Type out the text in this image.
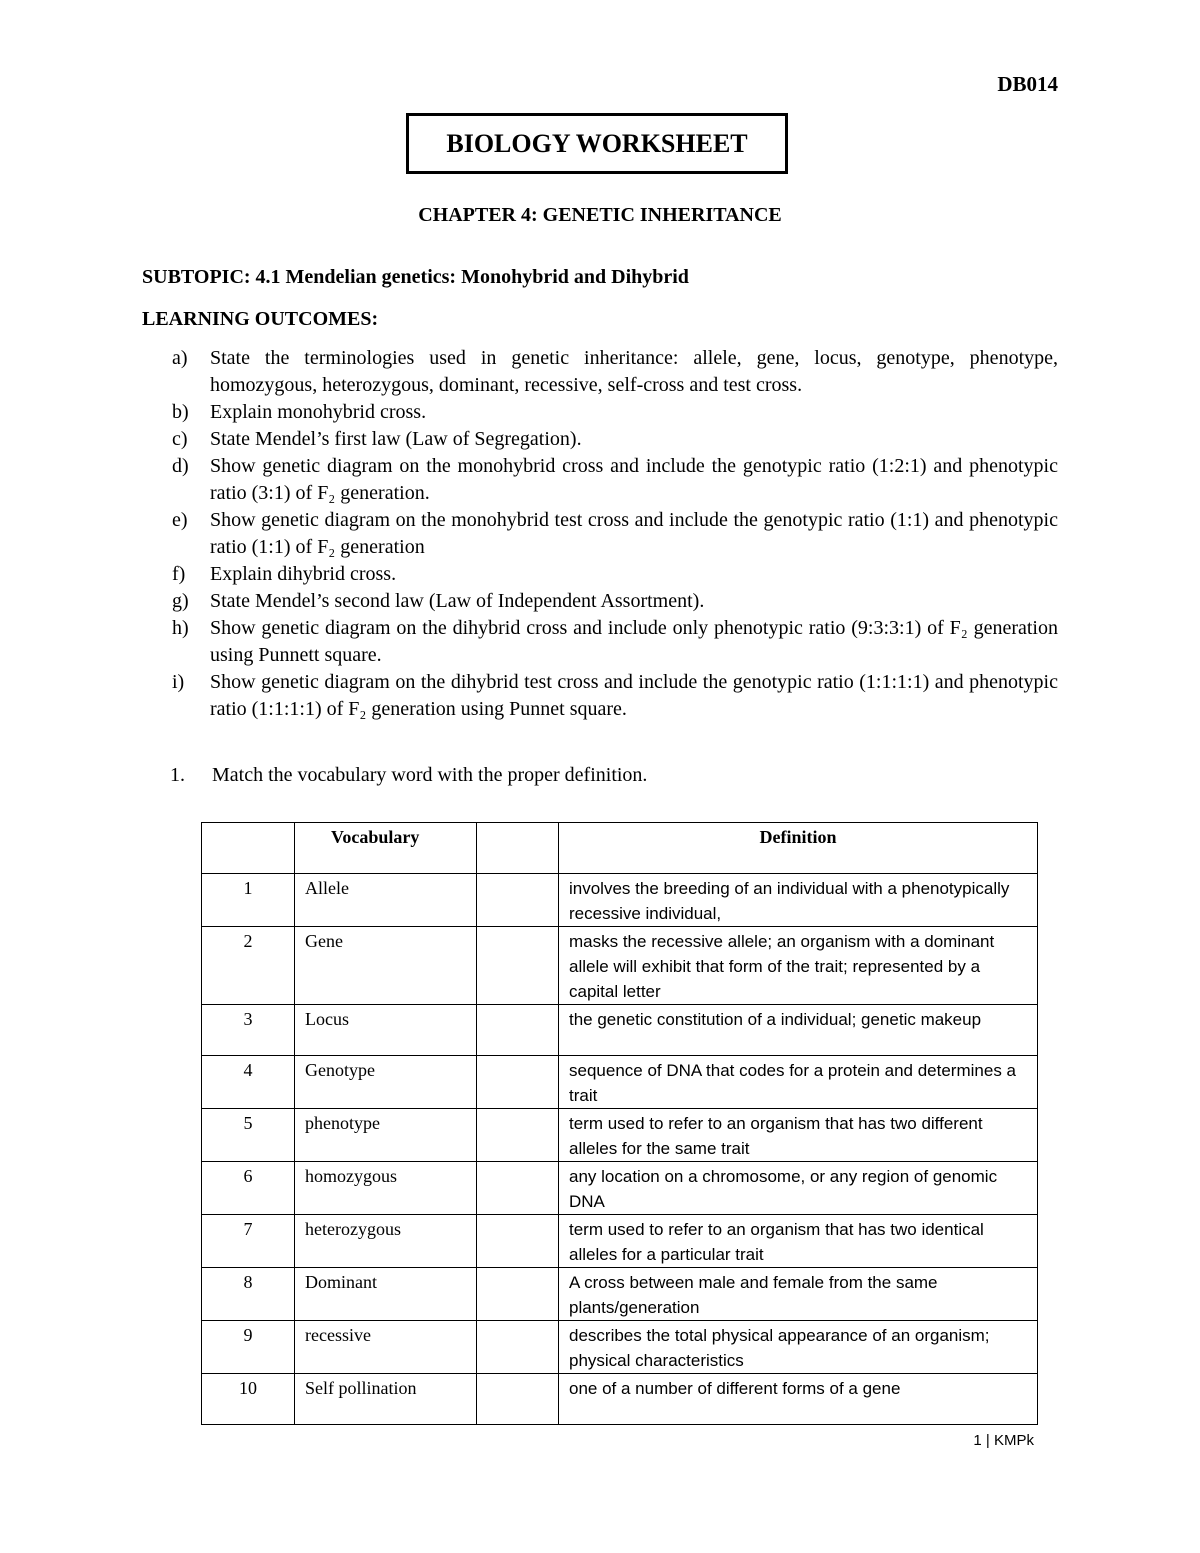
DB014
BIOLOGY WORKSHEET
CHAPTER 4: GENETIC INHERITANCE
SUBTOPIC: 4.1 Mendelian genetics: Monohybrid and Dihybrid
LEARNING OUTCOMES:
a) State the terminologies used in genetic inheritance: allele, gene, locus, genotype, phenotype, homozygous, heterozygous, dominant, recessive, self-cross and test cross.
b) Explain monohybrid cross.
c) State Mendel’s first law (Law of Segregation).
d) Show genetic diagram on the monohybrid cross and include the genotypic ratio (1:2:1) and phenotypic ratio (3:1) of F₂ generation.
e) Show genetic diagram on the monohybrid test cross and include the genotypic ratio (1:1) and phenotypic ratio (1:1) of F₂ generation
f) Explain dihybrid cross.
g) State Mendel’s second law (Law of Independent Assortment).
h) Show genetic diagram on the dihybrid cross and include only phenotypic ratio (9:3:3:1) of F₂ generation using Punnett square.
i) Show genetic diagram on the dihybrid test cross and include the genotypic ratio (1:1:1:1) and phenotypic ratio (1:1:1:1) of F₂ generation using Punnet square.
1. Match the vocabulary word with the proper definition.
	Vocabulary		Definition
1	Allele		involves the breeding of an individual with a phenotypically recessive individual,
2	Gene		masks the recessive allele; an organism with a dominant allele will exhibit that form of the trait; represented by a capital letter
3	Locus		the genetic constitution of a individual; genetic makeup
4	Genotype		sequence of DNA that codes for a protein and determines a trait
5	phenotype		term used to refer to an organism that has two different alleles for the same trait
6	homozygous		any location on a chromosome, or any region of genomic DNA
7	heterozygous		term used to refer to an organism that has two identical alleles for a particular trait
8	Dominant		A cross between male and female from the same plants/generation
9	recessive		describes the total physical appearance of an organism; physical characteristics
10	Self pollination		one of a number of different forms of a gene
1 | KMPk
